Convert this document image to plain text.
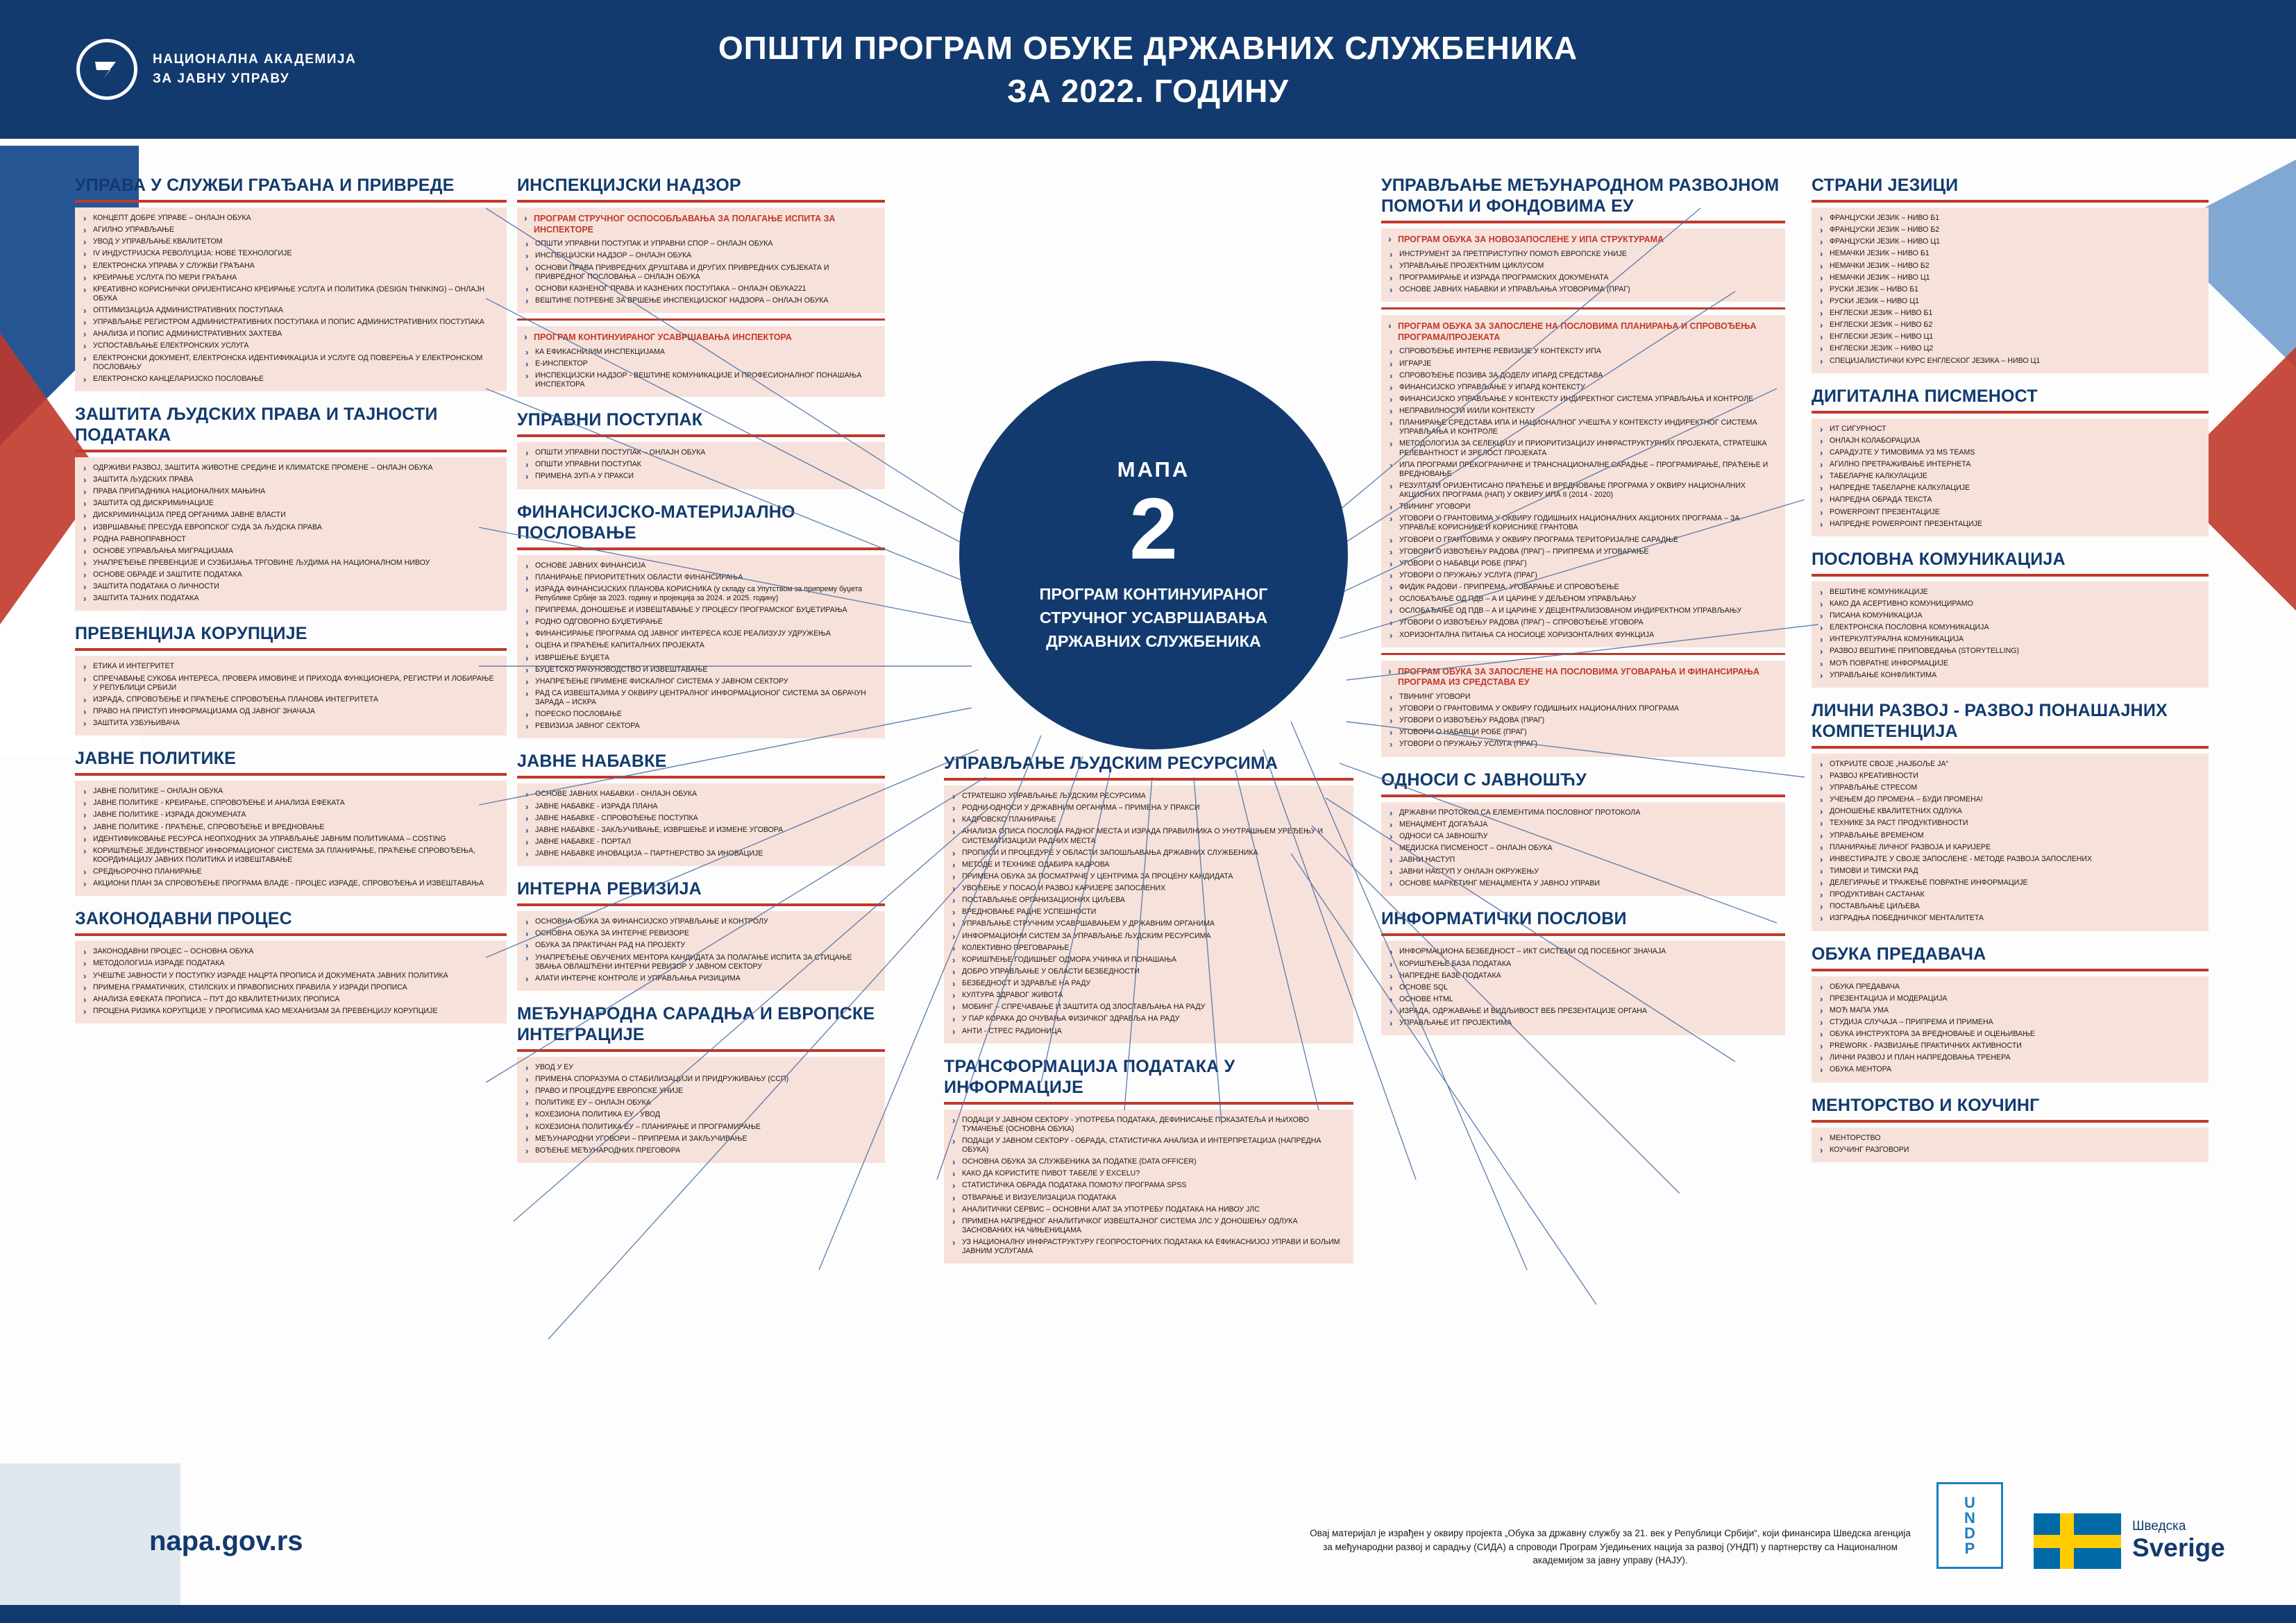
НАЦИОНАЛНА АКАДЕМИЈА
ЗА ЈАВНУ УПРАВУ
ОПШТИ ПРОГРАМ ОБУКЕ ДРЖАВНИХ СЛУЖБЕНИКА
ЗА 2022. ГОДИНУ
МАПА
2
ПРОГРАМ КОНТИНУИРАНОГ
СТРУЧНОГ УСАВРШАВАЊА
ДРЖАВНИХ СЛУЖБЕНИКА
УПРАВА У СЛУЖБИ ГРАЂАНА И ПРИВРЕДЕ
› КОНЦЕПТ ДОБРЕ УПРАВЕ – ОНЛАЈН ОБУКА
› АГИЛНО УПРАВЉАЊЕ
› УВОД У УПРАВЉАЊЕ КВАЛИТЕТОМ
› IV ИНДУСТРИЈСКА РЕВОЛУЦИЈА: НОВЕ ТЕХНОЛОГИЈЕ
› ЕЛЕКТРОНСКА УПРАВА У СЛУЖБИ ГРАЂАНА
› КРЕИРАЊЕ УСЛУГА ПО МЕРИ ГРАЂАНА
› КРЕАТИВНО КОРИСНИЧКИ ОРИЈЕНТИСАНО КРЕИРАЊЕ УСЛУГА И ПОЛИТИКА (DESIGN THINKING) – ОНЛАЈН ОБУКА
› ОПТИМИЗАЦИЈА АДМИНИСТРАТИВНИХ ПОСТУПАКА
› УПРАВЉАЊЕ РЕГИСТРОМ АДМИНИСТРАТИВНИХ ПОСТУПАКА И ПОПИС АДМИНИСТРАТИВНИХ ПОСТУПАКА
› АНАЛИЗА И ПОПИС АДМИНИСТРАТИВНИХ ЗАХТЕВА
› УСПОСТАВЉАЊЕ ЕЛЕКТРОНСКИХ УСЛУГА
› ЕЛЕКТРОНСКИ ДОКУМЕНТ, ЕЛЕКТРОНСКА ИДЕНТИФИКАЦИЈА И УСЛУГЕ ОД ПОВЕРЕЊА У ЕЛЕКТРОНСКОМ ПОСЛОВАЊУ
› ЕЛЕКТРОНСКО КАНЦЕЛАРИЈСКО ПОСЛОВАЊЕ
ЗАШТИТА ЉУДСКИХ ПРАВА И ТАЈНОСТИ ПОДАТАКА
› ОДРЖИВИ РАЗВОЈ, ЗАШТИТА ЖИВОТНЕ СРЕДИНЕ И КЛИМАТСКЕ ПРОМЕНЕ – ОНЛАЈН ОБУКА
› ЗАШТИТА ЉУДСКИХ ПРАВА
› ПРАВА ПРИПАДНИКА НАЦИОНАЛНИХ МАЊИНА
› ЗАШТИТА ОД ДИСКРИМИНАЦИЈЕ
› ДИСКРИМИНАЦИЈА ПРЕД ОРГАНИМА ЈАВНЕ ВЛАСТИ
› ИЗВРШАВАЊЕ ПРЕСУДА ЕВРОПСКОГ СУДА ЗА ЉУДСКА ПРАВА
› РОДНА РАВНОПРАВНОСТ
› ОСНОВЕ УПРАВЉАЊА МИГРАЦИЈАМА
› УНАПРЕЂЕЊЕ ПРЕВЕНЦИЈЕ И СУЗБИЈАЊА ТРГОВИНЕ ЉУДИМА НА НАЦИОНАЛНОМ НИВОУ
› ОСНОВЕ ОБРАДЕ И ЗАШТИТЕ ПОДАТАКА
› ЗАШТИТА ПОДАТАКА О ЛИЧНОСТИ
› ЗАШТИТА ТАЈНИХ ПОДАТАКА
ПРЕВЕНЦИЈА КОРУПЦИЈЕ
› ЕТИКА И ИНТЕГРИТЕТ
› СПРЕЧАВАЊЕ СУКОБА ИНТЕРЕСА, ПРОВЕРА ИМОВИНЕ И ПРИХОДА ФУНКЦИОНЕРА, РЕГИСТРИ И ЛОБИРАЊЕ У РЕПУБЛИЦИ СРБИЈИ
› ИЗРАДА, СПРОВОЂЕЊЕ И ПРАЋЕЊЕ СПРОВОЂЕЊА ПЛАНОВА ИНТЕГРИТЕТА
› ПРАВО НА ПРИСТУП ИНФОРМАЦИЈАМА ОД ЈАВНОГ ЗНАЧАЈА
› ЗАШТИТА УЗБУЊИВАЧА
ЈАВНЕ ПОЛИТИКЕ
› ЈАВНЕ ПОЛИТИКЕ – ОНЛАЈН ОБУКА
› ЈАВНЕ ПОЛИТИКЕ - КРЕИРАЊЕ, СПРОВОЂЕЊЕ И АНАЛИЗА ЕФЕКАТА
› ЈАВНЕ ПОЛИТИКЕ - ИЗРАДА ДОКУМЕНАТА
› ЈАВНЕ ПОЛИТИКЕ - ПРАЋЕЊЕ, СПРОВОЂЕЊЕ И ВРЕДНОВАЊЕ
› ИДЕНТИФИКОВАЊЕ РЕСУРСА НЕОПХОДНИХ ЗА УПРАВЉАЊЕ ЈАВНИМ ПОЛИТИКАМА – COSTING
› КОРИШЋЕЊЕ ЈЕДИНСТВЕНОГ ИНФОРМАЦИОНОГ СИСТЕМА ЗА ПЛАНИРАЊЕ, ПРАЋЕЊЕ СПРОВОЂЕЊА, КООРДИНАЦИЈУ ЈАВНИХ ПОЛИТИКА И ИЗВЕШТАВАЊЕ
› СРЕДЊОРОЧНО ПЛАНИРАЊЕ
› АКЦИОНИ ПЛАН ЗА СПРОВОЂЕЊЕ ПРОГРАМА ВЛАДЕ - ПРОЦЕС ИЗРАДЕ, СПРОВОЂЕЊА И ИЗВЕШТАВАЊА
ЗАКОНОДАВНИ ПРОЦЕС
› ЗАКОНОДАВНИ ПРОЦЕС – ОСНОВНА ОБУКА
› МЕТОДОЛОГИЈА ИЗРАДЕ ПОДАТАКА
› УЧЕШЋЕ ЈАВНОСТИ У ПОСТУПКУ ИЗРАДЕ НАЦРТА ПРОПИСА И ДОКУМЕНАТА ЈАВНИХ ПОЛИТИКА
› ПРИМЕНА ГРАМАТИЧКИХ, СТИЛСКИХ И ПРАВОПИСНИХ ПРАВИЛА У ИЗРАДИ ПРОПИСА
› АНАЛИЗА ЕФЕКАТА ПРОПИСА – ПУТ ДО КВАЛИТЕТНИЈИХ ПРОПИСА
› ПРОЦЕНА РИЗИКА КОРУПЦИЈЕ У ПРОПИСИМА КАО МЕХАНИЗАМ ЗА ПРЕВЕНЦИЈУ КОРУПЦИЈЕ
ИНСПЕКЦИЈСКИ НАДЗОР
› ПРОГРАМ СТРУЧНОГ ОСПОСОБЉАВАЊА ЗА ПОЛАГАЊЕ ИСПИТА ЗА ИНСПЕКТОРЕ
› ОПШТИ УПРАВНИ ПОСТУПАК И УПРАВНИ СПОР – ОНЛАЈН ОБУКА
› ИНСПЕКЦИЈСКИ НАДЗОР – ОНЛАЈН ОБУКА
› ОСНОВИ ПРАВА ПРИВРЕДНИХ ДРУШТАВА И ДРУГИХ ПРИВРЕДНИХ СУБЈЕКАТА И ПРИВРЕДНОГ ПОСЛОВАЊА – ОНЛАЈН ОБУКА
› ОСНОВИ КАЗНЕНОГ ПРАВА И КАЗНЕНИХ ПОСТУПАКА – ОНЛАЈН ОБУКА221
› ВЕШТИНЕ ПОТРЕБНЕ ЗА ВРШЕЊЕ ИНСПЕКЦИЈСКОГ НАДЗОРА – ОНЛАЈН ОБУКА
› ПРОГРАМ КОНТИНУИРАНОГ УСАВРШАВАЊА ИНСПЕКТОРА
› КА ЕФИКАСНИЈИМ ИНСПЕКЦИЈАМА
› Е-ИНСПЕКТОР
› ИНСПЕКЦИЈСКИ НАДЗОР - ВЕШТИНЕ КОМУНИКАЦИЈЕ И ПРОФЕСИОНАЛНОГ ПОНАШАЊА ИНСПЕКТОРА
УПРАВНИ ПОСТУПАК
› ОПШТИ УПРАВНИ ПОСТУПАК – ОНЛАЈН ОБУКА
› ОПШТИ УПРАВНИ ПОСТУПАК
› ПРИМЕНА ЗУП-А У ПРАКСИ
ФИНАНСИЈСКО-МАТЕРИЈАЛНО ПОСЛОВАЊЕ
› ОСНОВЕ ЈАВНИХ ФИНАНСИЈА
› ПЛАНИРАЊЕ ПРИОРИТЕТНИХ ОБЛАСТИ ФИНАНСИРАЊА
› ИЗРАДА ФИНАНСИЈСКИХ ПЛАНОВА КОРИСНИКА (у складу са Упутством за припрему буџета Републике Србије за 2023. годину и пројекција за 2024. и 2025. годину)
› ПРИПРЕМА, ДОНОШЕЊЕ И ИЗВЕШТАВАЊЕ У ПРОЦЕСУ ПРОГРАМСКОГ БУЏЕТИРАЊА
› РОДНО ОДГОВОРНО БУЏЕТИРАЊЕ
› ФИНАНСИРАЊЕ ПРОГРАМА ОД ЈАВНОГ ИНТЕРЕСА КОЈЕ РЕАЛИЗУЈУ УДРУЖЕЊА
› ОЦЕНА И ПРАЋЕЊЕ КАПИТАЛНИХ ПРОЈЕКАТА
› ИЗВРШЕЊЕ БУЏЕТА
› БУЏЕТСКО РАЧУНОВОДСТВО И ИЗВЕШТАВАЊЕ
› УНАПРЕЂЕЊЕ ПРИМЕНЕ ФИСКАЛНОГ СИСТЕМА У ЈАВНОМ СЕКТОРУ
› РАД СА ИЗВЕШТАЈИМА У ОКВИРУ ЦЕНТРАЛНОГ ИНФОРМАЦИОНОГ СИСТЕМА ЗА ОБРАЧУН ЗАРАДА – ИСКРА
› ПОРЕСКО ПОСЛОВАЊЕ
› РЕВИЗИЈА ЈАВНОГ СЕКТОРА
ЈАВНЕ НАБАВКЕ
› ОСНОВЕ ЈАВНИХ НАБАВКИ - ОНЛАЈН ОБУКА
› ЈАВНЕ НАБАВКЕ - ИЗРАДА ПЛАНА
› ЈАВНЕ НАБАВКЕ - СПРОВОЂЕЊЕ ПОСТУПКА
› ЈАВНЕ НАБАВКЕ - ЗАКЉУЧИВАЊЕ, ИЗВРШЕЊЕ И ИЗМЕНЕ УГОВОРА
› ЈАВНЕ НАБАВКЕ - ПОРТАЛ
› ЈАВНЕ НАБАВКЕ ИНОВАЦИЈА – ПАРТНЕРСТВО ЗА ИНОВАЦИЈЕ
ИНТЕРНА РЕВИЗИЈА
› ОСНОВНА ОБУКА ЗА ФИНАНСИЈСКО УПРАВЉАЊЕ И КОНТРОЛУ
› ОСНОВНА ОБУКА ЗА ИНТЕРНЕ РЕВИЗОРЕ
› ОБУКА ЗА ПРАКТИЧАН РАД НА ПРОЈЕКТУ
› УНАПРЕЂЕЊЕ ОБУЧЕНИХ МЕНТОРА КАНДИДАТА ЗА ПОЛАГАЊЕ ИСПИТА ЗА СТИЦАЊЕ ЗВАЊА ОВЛАШЋЕНИ ИНТЕРНИ РЕВИЗОР У ЈАВНОМ СЕКТОРУ
› АЛАТИ ИНТЕРНЕ КОНТРОЛЕ И УПРАВЉАЊА РИЗИЦИМА
МЕЂУНАРОДНА САРАДЊА И ЕВРОПСКЕ ИНТЕГРАЦИЈЕ
› УВОД У ЕУ
› ПРИМЕНА СПОРАЗУМА О СТАБИЛИЗАЦИЈИ И ПРИДРУЖИВАЊУ (ССП)
› ПРАВО И ПРОЦЕДУРЕ ЕВРОПСКЕ УНИЈЕ
› ПОЛИТИКЕ ЕУ – ОНЛАЈН ОБУКА
› КОХЕЗИОНА ПОЛИТИКА ЕУ - УВОД
› КОХЕЗИОНА ПОЛИТИКА ЕУ – ПЛАНИРАЊЕ И ПРОГРАМИРАЊЕ
› МЕЂУНАРОДНИ УГОВОРИ – ПРИПРЕМА И ЗАКЉУЧИВАЊЕ
› ВОЂЕЊЕ МЕЂУНАРОДНИХ ПРЕГОВОРА
УПРАВЉАЊЕ ЉУДСКИМ РЕСУРСИМА
› СТРАТЕШКО УПРАВЉАЊЕ ЉУДСКИМ РЕСУРСИМА
› РОДНИ ОДНОСИ У ДРЖАВНИМ ОРГАНИМА – ПРИМЕНА У ПРАКСИ
› КАДРОВСКО ПЛАНИРАЊЕ
› АНАЛИЗА ОПИСА ПОСЛОВА РАДНОГ МЕСТА И ИЗРАДА ПРАВИЛНИКА О УНУТРАШЊЕМ УРЕЂЕЊУ И СИСТЕМАТИЗАЦИЈИ РАДНИХ МЕСТА
› ПРОПИСИ И ПРОЦЕДУРЕ У ОБЛАСТИ ЗАПОШЉАВАЊА ДРЖАВНИХ СЛУЖБЕНИКА
› МЕТОДЕ И ТЕХНИКЕ ОДАБИРА КАДРОВА
› ПРИМЕНА ОБУКА ЗА ПОСМАТРАЧЕ У ЦЕНТРИМА ЗА ПРОЦЕНУ КАНДИДАТА
› УВОЂЕЊЕ У ПОСАО И РАЗВОЈ КАРИЈЕРЕ ЗАПОСЛЕНИХ
› ПОСТАВЉАЊЕ ОРГАНИЗАЦИОНИХ ЦИЉЕВА
› ВРЕДНОВАЊЕ РАДНЕ УСПЕШНОСТИ
› УПРАВЉАЊЕ СТРУЧНИМ УСАВРШАВАЊЕМ У ДРЖАВНИМ ОРГАНИМА
› ИНФОРМАЦИОНИ СИСТЕМ ЗА УПРАВЉАЊЕ ЉУДСКИМ РЕСУРСИМА
› КОЛЕКТИВНО ПРЕГОВАРАЊЕ
› КОРИШЋЕЊЕ ГОДИШЊЕГ ОДМОРА УЧИНКА И ПОНАШАЊА
› ДОБРО УПРАВЉАЊЕ У ОБЛАСТИ БЕЗБЕДНОСТИ
› БЕЗБЕДНОСТ И ЗДРАВЉЕ НА РАДУ
› КУЛТУРА ЗДРАВОГ ЖИВОТА
› МОБИНГ – СПРЕЧАВАЊЕ И ЗАШТИТА ОД ЗЛОСТАВЉАЊА НА РАДУ
› У ПАР КОРАКА ДО ОЧУВАЊА ФИЗИЧКОГ ЗДРАВЉА НА РАДУ
› АНТИ - СТРЕС РАДИОНИЦА
ТРАНСФОРМАЦИЈА ПОДАТАКА У ИНФОРМАЦИЈЕ
› ПОДАЦИ У ЈАВНОМ СЕКТОРУ - УПОТРЕБА ПОДАТАКА, ДЕФИНИСАЊЕ ПОКАЗАТЕЉА И ЊИХОВО ТУМАЧЕЊЕ (ОСНОВНА ОБУКА)
› ПОДАЦИ У ЈАВНОМ СЕКТОРУ - ОБРАДА, СТАТИСТИЧКА АНАЛИЗА И ИНТЕРПРЕТАЦИЈА (НАПРЕДНА ОБУКА)
› ОСНОВНА ОБУКА ЗА СЛУЖБЕНИКА ЗА ПОДАТКЕ (DATA OFFICER)
› КАКО ДА КОРИСТИТЕ ПИВОТ ТАБЕЛЕ У ЕXCELU?
› СТАТИСТИЧКА ОБРАДА ПОДАТАКА ПОМОЋУ ПРОГРАМА SPSS
› ОТВАРАЊЕ И ВИЗУЕЛИЗАЦИЈА ПОДАТАКА
› АНАЛИТИЧКИ СЕРВИС – ОСНОВНИ АЛАТ ЗА УПОТРЕБУ ПОДАТАКА НА НИВОУ ЈЛС
› ПРИМЕНА НАПРЕДНОГ АНАЛИТИЧКОГ ИЗВЕШТАЈНОГ СИСТЕМА ЈЛС У ДОНОШЕЊУ ОДЛУКА ЗАСНОВАНИХ НА ЧИЊЕНИЦАМА
› УЗ НАЦИОНАЛНУ ИНФРАСТРУКТУРУ ГЕОПРОСТОРНИХ ПОДАТАКА КА ЕФИКАСНИЈОЈ УПРАВИ И БОЉИМ ЈАВНИМ УСЛУГАМА
УПРАВЉАЊЕ МЕЂУНАРОДНОМ РАЗВОЈНОМ ПОМОЋИ И ФОНДОВИМА ЕУ
› ПРОГРАМ ОБУКА ЗА НОВОЗАПОСЛЕНЕ У ИПА СТРУКТУРАМА
› ИНСТРУМЕНТ ЗА ПРЕТПРИСТУПНУ ПОМОЋ ЕВРОПСКЕ УНИЈЕ
› УПРАВЉАЊЕ ПРОЈЕКТНИМ ЦИКЛУСОМ
› ПРОГРАМИРАЊЕ И ИЗРАДА ПРОГРАМСКИХ ДОКУМЕНАТА
› ОСНОВЕ ЈАВНИХ НАБАВКИ И УПРАВЉАЊА УГОВОРИМА (ПРАГ)
› ПРОГРАМ ОБУКА ЗА ЗАПОСЛЕНЕ НА ПОСЛОВИМА ПЛАНИРАЊА И СПРОВОЂЕЊА ПРОГРАМА/ПРОЈЕКАТА
› СПРОВОЂЕЊЕ ИНТЕРНЕ РЕВИЗИЈЕ У КОНТЕКСТУ ИПА
› ИГРАРЈЕ
› СПРОВОЂЕЊЕ ПОЗИВА ЗА ДОДЕЛУ ИПАРД СРЕДСТАВА
› ФИНАНСИЈСКО УПРАВЉАЊЕ У ИПАРД КОНТЕКСТУ
› ФИНАНСИЈСКО УПРАВЉАЊЕ У КОНТЕКСТУ ИНДИРЕКТНОГ СИСТЕМА УПРАВЉАЊА И КОНТРОЛЕ
› НЕПРАВИЛНОСТИ И/ИЛИ КОНТЕКСТУ
› ПЛАНИРАЊЕ СРЕДСТАВА ИПА И НАЦИОНАЛНОГ УЧЕШЋА У КОНТЕКСТУ ИНДИРЕКТНОГ СИСТЕМА УПРАВЉАЊА И КОНТРОЛЕ
› МЕТОДОЛОГИЈА ЗА СЕЛЕКЦИЈУ И ПРИОРИТИЗАЦИЈУ ИНФРАСТРУКТУРНИХ ПРОЈЕКАТА, СТРАТЕШКА РЕЛЕВАНТНОСТ И ЗРЕЛОСТ ПРОЈЕКАТА
› ИПА ПРОГРАМИ ПРЕКОГРАНИЧНЕ И ТРАНСНАЦИОНАЛНЕ САРАДЊЕ – ПРОГРАМИРАЊЕ, ПРАЋЕЊЕ И ВРЕДНОВАЊЕ
› РЕЗУЛТАТИ ОРИЈЕНТИСАНО ПРАЋЕЊЕ И ВРЕДНОВАЊЕ ПРОГРАМА У ОКВИРУ НАЦИОНАЛНИХ АКЦИОНИХ ПРОГРАМА (НАП) У ОКВИРУ ИПА II (2014 - 2020)
› ТВИНИНГ УГОВОРИ
› УГОВОРИ О ГРАНТОВИМА У ОКВИРУ ГОДИШЊИХ НАЦИОНАЛНИХ АКЦИОНИХ ПРОГРАМА – ЗА УПРАВЉЕ КОРИСНИКЕ И КОРИСНИКЕ ГРАНТОВА
› УГОВОРИ О ГРАНТОВИМА У ОКВИРУ ПРОГРАМА ТЕРИТОРИЈАЛНЕ САРАДЊЕ
› УГОВОРИ О ИЗВОЂЕЊУ РАДОВА (ПРАГ) – ПРИПРЕМА И УГОВАРАЊЕ
› УГОВОРИ О НАБАВЦИ РОБЕ (ПРАГ)
› УГОВОРИ О ПРУЖАЊУ УСЛУГА (ПРАГ)
› ФИДИК РАДОВИ - ПРИПРЕМА, УГОВАРАЊЕ И СПРОВОЂЕЊЕ
› ОСЛОБАЂАЊЕ ОД ПДВ – А И ЦАРИНЕ У ДЕЉЕНОМ УПРАВЉАЊУ
› ОСЛОБАЂАЊЕ ОД ПДВ – А И ЦАРИНЕ У ДЕЦЕНТРАЛИЗОВАНОМ ИНДИРЕКТНОМ УПРАВЉАЊУ
› УГОВОРИ О ИЗВОЂЕЊУ РАДОВА (ПРАГ) – СПРОВОЂЕЊЕ УГОВОРА
› ХОРИЗОНТАЛНА ПИТАЊА СА НОСИОЦЕ ХОРИЗОНТАЛНИХ ФУНКЦИЈА
› ПРОГРАМ ОБУКА ЗА ЗАПОСЛЕНЕ НА ПОСЛОВИМА УГОВАРАЊА И ФИНАНСИРАЊА ПРОГРАМА ИЗ СРЕДСТАВА ЕУ
› ТВИНИНГ УГОВОРИ
› УГОВОРИ О ГРАНТОВИМА У ОКВИРУ ГОДИШЊИХ НАЦИОНАЛНИХ ПРОГРАМА
› УГОВОРИ О ИЗВОЂЕЊУ РАДОВА (ПРАГ)
› УГОВОРИ О НАБАВЦИ РОБЕ (ПРАГ)
› УГОВОРИ О ПРУЖАЊУ УСЛУГА (ПРАГ)
ОДНОСИ С ЈАВНОШЋУ
› ДРЖАВНИ ПРОТОКОЛ СА ЕЛЕМЕНТИМА ПОСЛОВНОГ ПРОТОКОЛА
› МЕНАЏМЕНТ ДОГАЂАЈА
› ОДНОСИ СА ЈАВНОШЋУ
› МЕДИЈСКА ПИСМЕНОСТ – ОНЛАЈН ОБУКА
› ЈАВНИ НАСТУП
› ЈАВНИ НАСТУП У ОНЛАЈН ОКРУЖЕЊУ
› ОСНОВЕ МАРКЕТИНГ МЕНАЏМЕНТА У ЈАВНОЈ УПРАВИ
ИНФОРМАТИЧКИ ПОСЛОВИ
› ИНФОРМАЦИОНА БЕЗБЕДНОСТ – ИКТ СИСТЕМИ ОД ПОСЕБНОГ ЗНАЧАЈА
› КОРИШЋЕЊЕ БАЗА ПОДАТАКА
› НАПРЕДНЕ БАЗЕ ПОДАТАКА
› ОСНОВЕ SQL
› ОСНОВЕ HTML
› ИЗРАДА, ОДРЖАВАЊЕ И ВИДЉИВОСТ ВЕБ ПРЕЗЕНТАЦИЈЕ ОРГАНА
› УПРАВЉАЊЕ ИТ ПРОЈЕКТИМА
СТРАНИ ЈЕЗИЦИ
› ФРАНЦУСКИ ЈЕЗИК – НИВО Б1
› ФРАНЦУСКИ ЈЕЗИК – НИВО Б2
› ФРАНЦУСКИ ЈЕЗИК – НИВО Ц1
› НЕМАЧКИ ЈЕЗИК – НИВО Б1
› НЕМАЧКИ ЈЕЗИК – НИВО Б2
› НЕМАЧКИ ЈЕЗИК – НИВО Ц1
› РУСКИ ЈЕЗИК – НИВО Б1
› РУСКИ ЈЕЗИК – НИВО Ц1
› ЕНГЛЕСКИ ЈЕЗИК – НИВО Б1
› ЕНГЛЕСКИ ЈЕЗИК – НИВО Б2
› ЕНГЛЕСКИ ЈЕЗИК – НИВО Ц1
› ЕНГЛЕСКИ ЈЕЗИК – НИВО Ц2
› СПЕЦИЈАЛИСТИЧКИ КУРС ЕНГЛЕСКОГ ЈЕЗИКА – НИВО Ц1
ДИГИТАЛНА ПИСМЕНОСТ
› ИТ СИГУРНОСТ
› ОНЛАЈН КОЛАБОРАЦИЈА
› САРАДУЈТЕ У ТИМОВИМА УЗ MS TEAMS
› АГИЛНО ПРЕТРАЖИВАЊЕ ИНТЕРНЕТА
› ТАБЕЛАРНЕ КАЛКУЛАЦИЈЕ
› НАПРЕДНЕ ТАБЕЛАРНЕ КАЛКУЛАЦИЈЕ
› НАПРЕДНА ОБРАДА ТЕКСТА
› POWERPOINT ПРЕЗЕНТАЦИЈЕ
› НАПРЕДНЕ POWERPOINT ПРЕЗЕНТАЦИЈЕ
ПОСЛОВНА КОМУНИКАЦИЈА
› ВЕШТИНЕ КОМУНИКАЦИЈЕ
› КАКО ДА АСЕРТИВНО КОМУНИЦИРАМО
› ПИСАНА КОМУНИКАЦИЈА
› ЕЛЕКТРОНСКА ПОСЛОВНА КОМУНИКАЦИЈА
› ИНТЕРКУЛТУРАЛНА КОМУНИКАЦИЈА
› РАЗВОЈ ВЕШТИНЕ ПРИПОВЕДАЊА (STORYTELLING)
› МОЋ ПОВРАТНЕ ИНФОРМАЦИЈЕ
› УПРАВЉАЊЕ КОНФЛИКТИМА
ЛИЧНИ РАЗВОЈ - РАЗВОЈ ПОНАШАЈНИХ КОМПЕТЕНЦИЈА
› ОТКРИЈТЕ СВОЈЕ „НАЈБОЉЕ ЈА“
› РАЗВОЈ КРЕАТИВНОСТИ
› УПРАВЉАЊЕ СТРЕСОМ
› УЧЕЊЕМ ДО ПРОМЕНА – БУДИ ПРОМЕНА!
› ДОНОШЕЊЕ КВАЛИТЕТНИХ ОДЛУКА
› ТЕХНИКЕ ЗА РАСТ ПРОДУКТИВНОСТИ
› УПРАВЉАЊЕ ВРЕМЕНОМ
› ПЛАНИРАЊЕ ЛИЧНОГ РАЗВОЈА И КАРИЈЕРЕ
› ИНВЕСТИРАЈТЕ У СВОЈЕ ЗАПОСЛЕНЕ - МЕТОДЕ РАЗВОЈА ЗАПОСЛЕНИХ
› ТИМОВИ И ТИМСКИ РАД
› ДЕЛЕГИРАЊЕ И ТРАЖЕЊЕ ПОВРАТНЕ ИНФОРМАЦИЈЕ
› ПРОДУКТИВАН САСТАНАК
› ПОСТАВЉАЊЕ ЦИЉЕВА
› ИЗГРАДЊА ПОБЕДНИЧКОГ МЕНТАЛИТЕТА
ОБУКА ПРЕДАВАЧА
› ОБУКА ПРЕДАВАЧА
› ПРЕЗЕНТАЦИЈА И МОДЕРАЦИЈА
› МОЋ МАПА УМА
› СТУДИЈА СЛУЧАЈА – ПРИПРЕМА И ПРИМЕНА
› ОБУКА ИНСТРУКТОРА ЗА ВРЕДНОВАЊЕ И ОЦЕЊИВАЊЕ
› PREWORK - РАЗВИЈАЊЕ ПРАКТИЧНИХ АКТИВНОСТИ
› ЛИЧНИ РАЗВОЈ И ПЛАН НАПРЕДОВАЊА ТРЕНЕРА
› ОБУКА МЕНТОРА
МЕНТОРСТВО И КОУЧИНГ
› МЕНТОРСТВО
› КОУЧИНГ РАЗГОВОРИ
napa.gov.rs	Овај материјал је израђен у оквиру пројекта „Обука за државну службу за 21. век у Републици Србији“, који финансира Шведска агенција за међународни развој и сарадњу (СИДА) а спроводи Програм Уједињених нација за развој (УНДП) у партнерству са Националном академијом за јавну управу (НАЈУ).
U
N
D
P
Шведска
Sverige
